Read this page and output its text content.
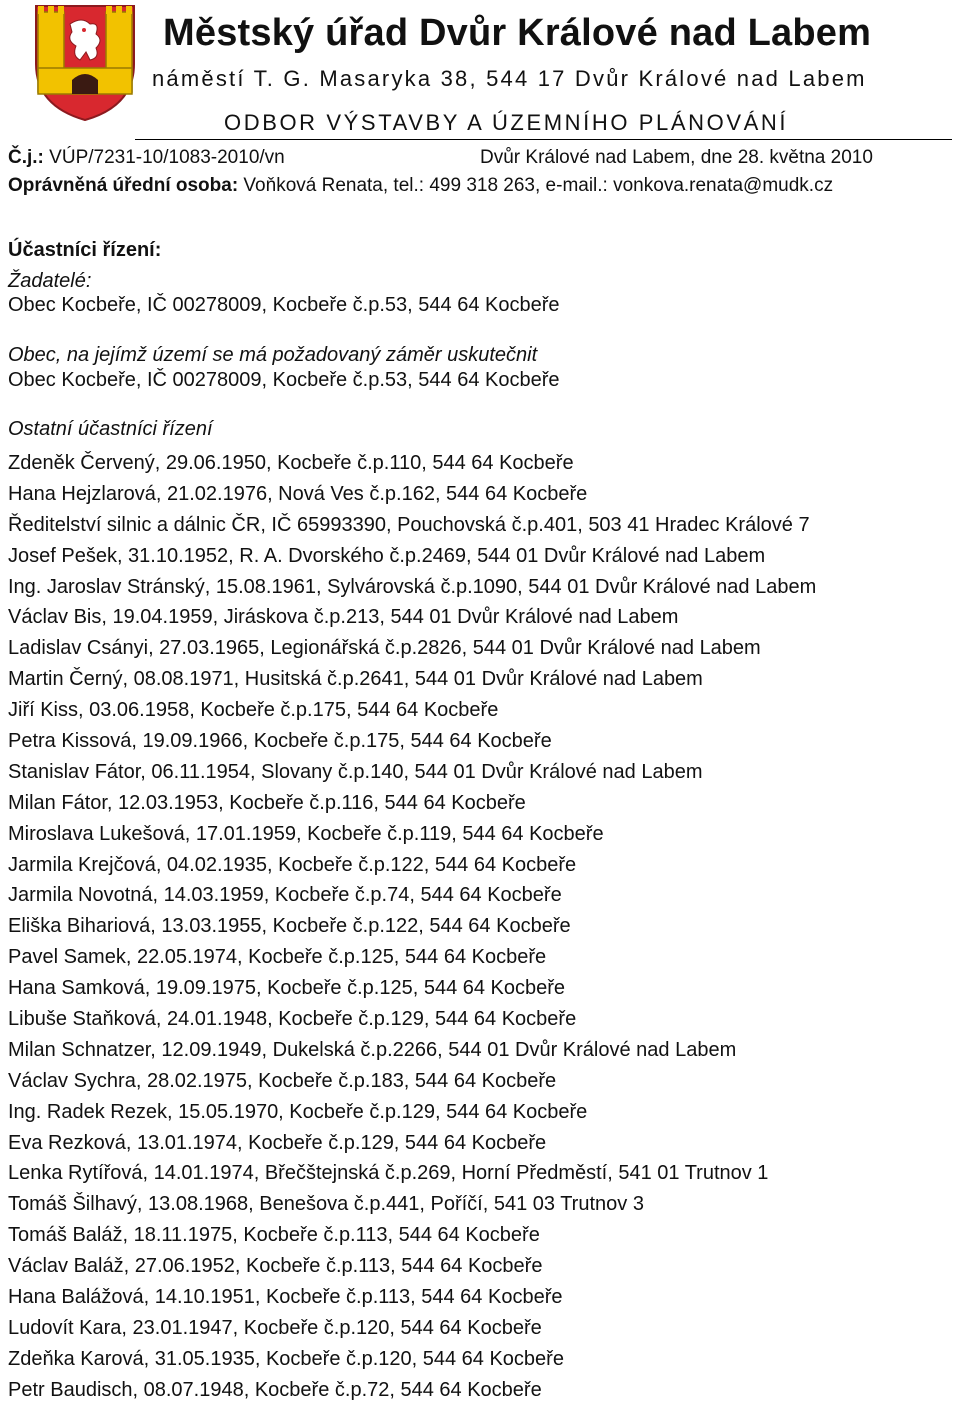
Městský úřad Dvůr Králové nad Labem
náměstí T. G. Masaryka 38, 544 17 Dvůr Králové nad Labem
ODBOR VÝSTAVBY A ÚZEMNÍHO PLÁNOVÁNÍ
Č.j.: VÚP/7231-10/1083-2010/vn	Dvůr Králové nad Labem, dne 28. května 2010
Oprávněná úřední osoba: Voňková Renata, tel.: 499 318 263, e-mail.: vonkova.renata@mudk.cz
Účastníci řízení:
Žadatelé:
Obec Kocbeře, IČ 00278009, Kocbeře č.p.53, 544 64 Kocbeře
Obec, na jejímž území se má požadovaný záměr uskutečnit
Obec Kocbeře, IČ 00278009, Kocbeře č.p.53, 544 64 Kocbeře
Ostatní účastníci řízení
Zdeněk Červený, 29.06.1950, Kocbeře č.p.110, 544 64 Kocbeře
Hana Hejzlarová, 21.02.1976, Nová Ves č.p.162, 544 64 Kocbeře
Ředitelství silnic a dálnic ČR, IČ 65993390, Pouchovská č.p.401, 503 41 Hradec Králové 7
Josef Pešek, 31.10.1952, R. A. Dvorského č.p.2469, 544 01 Dvůr Králové nad Labem
Ing. Jaroslav Stránský, 15.08.1961, Sylvárovská č.p.1090, 544 01 Dvůr Králové nad Labem
Václav Bis, 19.04.1959, Jiráskova č.p.213, 544 01 Dvůr Králové nad Labem
Ladislav Csányi, 27.03.1965, Legionářská č.p.2826, 544 01 Dvůr Králové nad Labem
Martin Černý, 08.08.1971, Husitská č.p.2641, 544 01 Dvůr Králové nad Labem
Jiří Kiss, 03.06.1958, Kocbeře č.p.175, 544 64 Kocbeře
Petra Kissová, 19.09.1966, Kocbeře č.p.175, 544 64 Kocbeře
Stanislav Fátor, 06.11.1954, Slovany č.p.140, 544 01 Dvůr Králové nad Labem
Milan Fátor, 12.03.1953, Kocbeře č.p.116, 544 64 Kocbeře
Miroslava Lukešová, 17.01.1959, Kocbeře č.p.119, 544 64 Kocbeře
Jarmila Krejčová, 04.02.1935, Kocbeře č.p.122, 544 64 Kocbeře
Jarmila Novotná, 14.03.1959, Kocbeře č.p.74, 544 64 Kocbeře
Eliška Bihariová, 13.03.1955, Kocbeře č.p.122, 544 64 Kocbeře
Pavel Samek, 22.05.1974, Kocbeře č.p.125, 544 64 Kocbeře
Hana Samková, 19.09.1975, Kocbeře č.p.125, 544 64 Kocbeře
Libuše Staňková, 24.01.1948, Kocbeře č.p.129, 544 64 Kocbeře
Milan Schnatzer, 12.09.1949, Dukelská č.p.2266, 544 01 Dvůr Králové nad Labem
Václav Sychra, 28.02.1975, Kocbeře č.p.183, 544 64 Kocbeře
Ing. Radek Rezek, 15.05.1970, Kocbeře č.p.129, 544 64 Kocbeře
Eva Rezková, 13.01.1974, Kocbeře č.p.129, 544 64 Kocbeře
Lenka Rytířová, 14.01.1974, Břečštejnská č.p.269, Horní Předměstí, 541 01 Trutnov 1
Tomáš Šilhavý, 13.08.1968, Benešova č.p.441, Poříčí, 541 03 Trutnov 3
Tomáš Baláž, 18.11.1975, Kocbeře č.p.113, 544 64 Kocbeře
Václav Baláž, 27.06.1952, Kocbeře č.p.113, 544 64 Kocbeře
Hana Balážová, 14.10.1951, Kocbeře č.p.113, 544 64 Kocbeře
Ludovít Kara, 23.01.1947, Kocbeře č.p.120, 544 64 Kocbeře
Zdeňka Karová, 31.05.1935, Kocbeře č.p.120, 544 64 Kocbeře
Petr Baudisch, 08.07.1948, Kocbeře č.p.72, 544 64 Kocbeře
